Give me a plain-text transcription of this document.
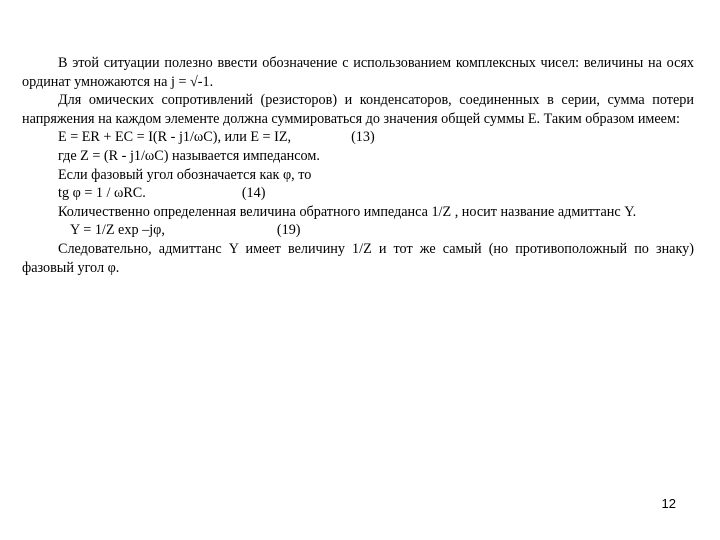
В этой ситуации полезно ввести обозначение с использованием комплексных чисел: величины на осях ординат умножаются на j = √-1.

Для омических сопротивлений (резисторов) и конденсаторов, соединенных в серии, сумма потери напряжения на каждом элементе должна суммироваться до значения общей суммы E. Таким образом имеем:

E = ER + EC = I(R - j1/ωC), или E = IZ,	(13)
где Z = (R - j1/ωC) называется импедансом.
Если фазовый угол обозначается как φ, то
tg φ = 1 / ωRC.	(14)

Количественно определенная величина обратного импеданса 1/Z , носит название адмиттанс Y.

Y = 1/Z exp –jφ,	(19)

Следовательно, адмиттанс Y имеет величину 1/Z и тот же самый (но противоположный по знаку) фазовый угол φ.

12
